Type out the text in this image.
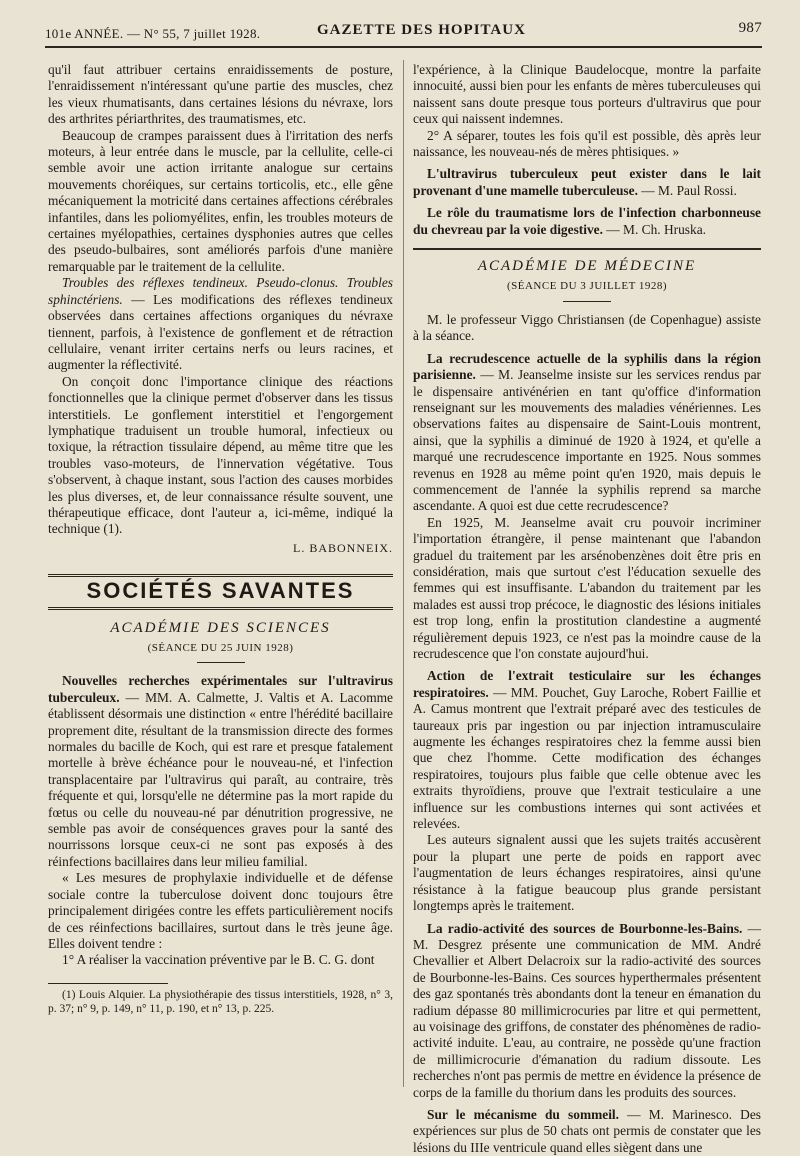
101e ANNÉE. — N° 55, 7 juillet 1928.	GAZETTE DES HOPITAUX	987

qu'il faut attribuer certains enraidissements de posture, l'enraidissement n'intéressant qu'une partie des muscles, chez les vieux rhumatisants, dans certaines lésions du névraxe, lors des arthrites périarthrites, des traumatismes, etc.

Beaucoup de crampes paraissent dues à l'irritation des nerfs moteurs, à leur entrée dans le muscle, par la cellulite, celle-ci semble avoir une action irritante analogue sur certains mouvements choréiques, sur certains torticolis, etc., elle gêne mécaniquement la motricité dans certaines affections cérébrales infantiles, dans les poliomyélites, enfin, les troubles moteurs de certaines myélopathies, certaines dysphonies autres que celles des pseudo-bulbaires, sont améliorés parfois d'une manière remarquable par le traitement de la cellulite.

Troubles des réflexes tendineux. Pseudo-clonus. Troubles sphinctériens. — Les modifications des réflexes tendineux observées dans certaines affections organiques du névraxe tiennent, parfois, à l'existence de gonflement et de rétraction cellulaire, venant irriter certains nerfs ou leurs racines, et augmenter la réflectivité.

On conçoit donc l'importance clinique des réactions fonctionnelles que la clinique permet d'observer dans les tissus interstitiels. Le gonflement interstitiel et l'engorgement lymphatique traduisent un trouble humoral, infectieux ou toxique, la rétraction tissulaire dépend, au même titre que les troubles vaso-moteurs, de l'innervation végétative. Tous s'observent, à chaque instant, sous l'action des causes morbides les plus diverses, et, de leur connaissance résulte souvent, une thérapeutique efficace, dont l'auteur a, ici-même, indiqué la technique (1).

L. BABONNEIX.
SOCIÉTÉS SAVANTES
ACADÉMIE DES SCIENCES
(SÉANCE DU 25 JUIN 1928)

Nouvelles recherches expérimentales sur l'ultravirus tuberculeux. — MM. A. Calmette, J. Valtis et A. Lacomme établissent désormais une distinction « entre l'hérédité bacillaire proprement dite, résultant de la transmission directe des formes normales du bacille de Koch, qui est rare et presque fatalement mortelle à brève échéance pour le nouveau-né, et l'infection transplacentaire par l'ultravirus qui paraît, au contraire, très fréquente et qui, lorsqu'elle ne détermine pas la mort rapide du fœtus ou celle du nouveau-né par dénutrition progressive, ne semble pas avoir de conséquences graves pour la santé des nourrissons lorsque ceux-ci ne sont pas exposés à des réinfections bacillaires dans leur milieu familial.

« Les mesures de prophylaxie individuelle et de défense sociale contre la tuberculose doivent donc toujours être principalement dirigées contre les effets particulièrement nocifs de ces réinfections bacillaires, surtout dans le très jeune âge. Elles doivent tendre :

1° A réaliser la vaccination préventive par le B. C. G. dont

(1) Louis Alquier. La physiothérapie des tissus interstitiels, 1928, n° 3, p. 37; n° 9, p. 149, n° 11, p. 190, et n° 13, p. 225.

l'expérience, à la Clinique Baudelocque, montre la parfaite innocuité, aussi bien pour les enfants de mères tuberculeuses qui naissent sans doute presque tous porteurs d'ultravirus que pour ceux qui naissent indemnes.

2° A séparer, toutes les fois qu'il est possible, dès après leur naissance, les nouveau-nés de mères phtisiques. »

L'ultravirus tuberculeux peut exister dans le lait provenant d'une mamelle tuberculeuse. — M. Paul Rossi.

Le rôle du traumatisme lors de l'infection charbonneuse du chevreau par la voie digestive. — M. Ch. Hruska.

ACADÉMIE DE MÉDECINE
(SÉANCE DU 3 JUILLET 1928)

M. le professeur Viggo Christiansen (de Copenhague) assiste à la séance.

La recrudescence actuelle de la syphilis dans la région parisienne. — M. Jeanselme insiste sur les services rendus par le dispensaire antivénérien en tant qu'office d'information renseignant sur les mouvements des maladies vénériennes. Les observations faites au dispensaire de Saint-Louis montrent, ainsi, que la syphilis a diminué de 1920 à 1924, et qu'elle a marqué une recrudescence importante en 1925. Nous sommes revenus en 1928 au même point qu'en 1920, mais depuis le commencement de l'année la syphilis reprend sa marche ascendante. A quoi est due cette recrudescence?

En 1925, M. Jeanselme avait cru pouvoir incriminer l'importation étrangère, il pense maintenant que l'abandon graduel du traitement par les arsénobenzènes doit être pris en considération, mais que surtout c'est l'éducation sexuelle des femmes qui est insuffisante. L'abandon du traitement par les malades est aussi trop précoce, le diagnostic des lésions initiales est trop long, enfin la prostitution clandestine a augmenté régulièrement depuis 1923, ce n'est pas la moindre cause de la recrudescence que l'on constate aujourd'hui.

Action de l'extrait testiculaire sur les échanges respiratoires. — MM. Pouchet, Guy Laroche, Robert Faillie et A. Camus montrent que l'extrait préparé avec des testicules de taureaux pris par ingestion ou par injection intramusculaire augmente les échanges respiratoires chez la femme aussi bien que chez l'homme. Cette modification des échanges respiratoires, toujours plus faible que celle obtenue avec les extraits thyroïdiens, prouve que l'extrait testiculaire a une influence sur les combustions internes qui sont activées et relevées.

Les auteurs signalent aussi que les sujets traités accusèrent pour la plupart une perte de poids en rapport avec l'augmentation de leurs échanges respiratoires, ainsi qu'une résistance à la fatigue beaucoup plus grande persistant longtemps après le traitement.

La radio-activité des sources de Bourbonne-les-Bains. — M. Desgrez présente une communication de MM. André Chevallier et Albert Delacroix sur la radio-activité des sources de Bourbonne-les-Bains. Ces sources hyperthermales présentent des gaz spontanés très abondants dont la teneur en émanation du radium dépasse 80 millimicrocuries par litre et qui permettent, au voisinage des griffons, de constater des phénomènes de radio-activité induite. L'eau, au contraire, ne possède qu'une fraction de millimicrocurie d'émanation du radium dissoute. Les recherches n'ont pas permis de mettre en évidence la présence de corps de la famille du thorium dans les produits des sources.

Sur le mécanisme du sommeil. — M. Marinesco. Des expériences sur plus de 50 chats ont permis de constater que les lésions du IIIe ventricule quand elles siègent dans une
